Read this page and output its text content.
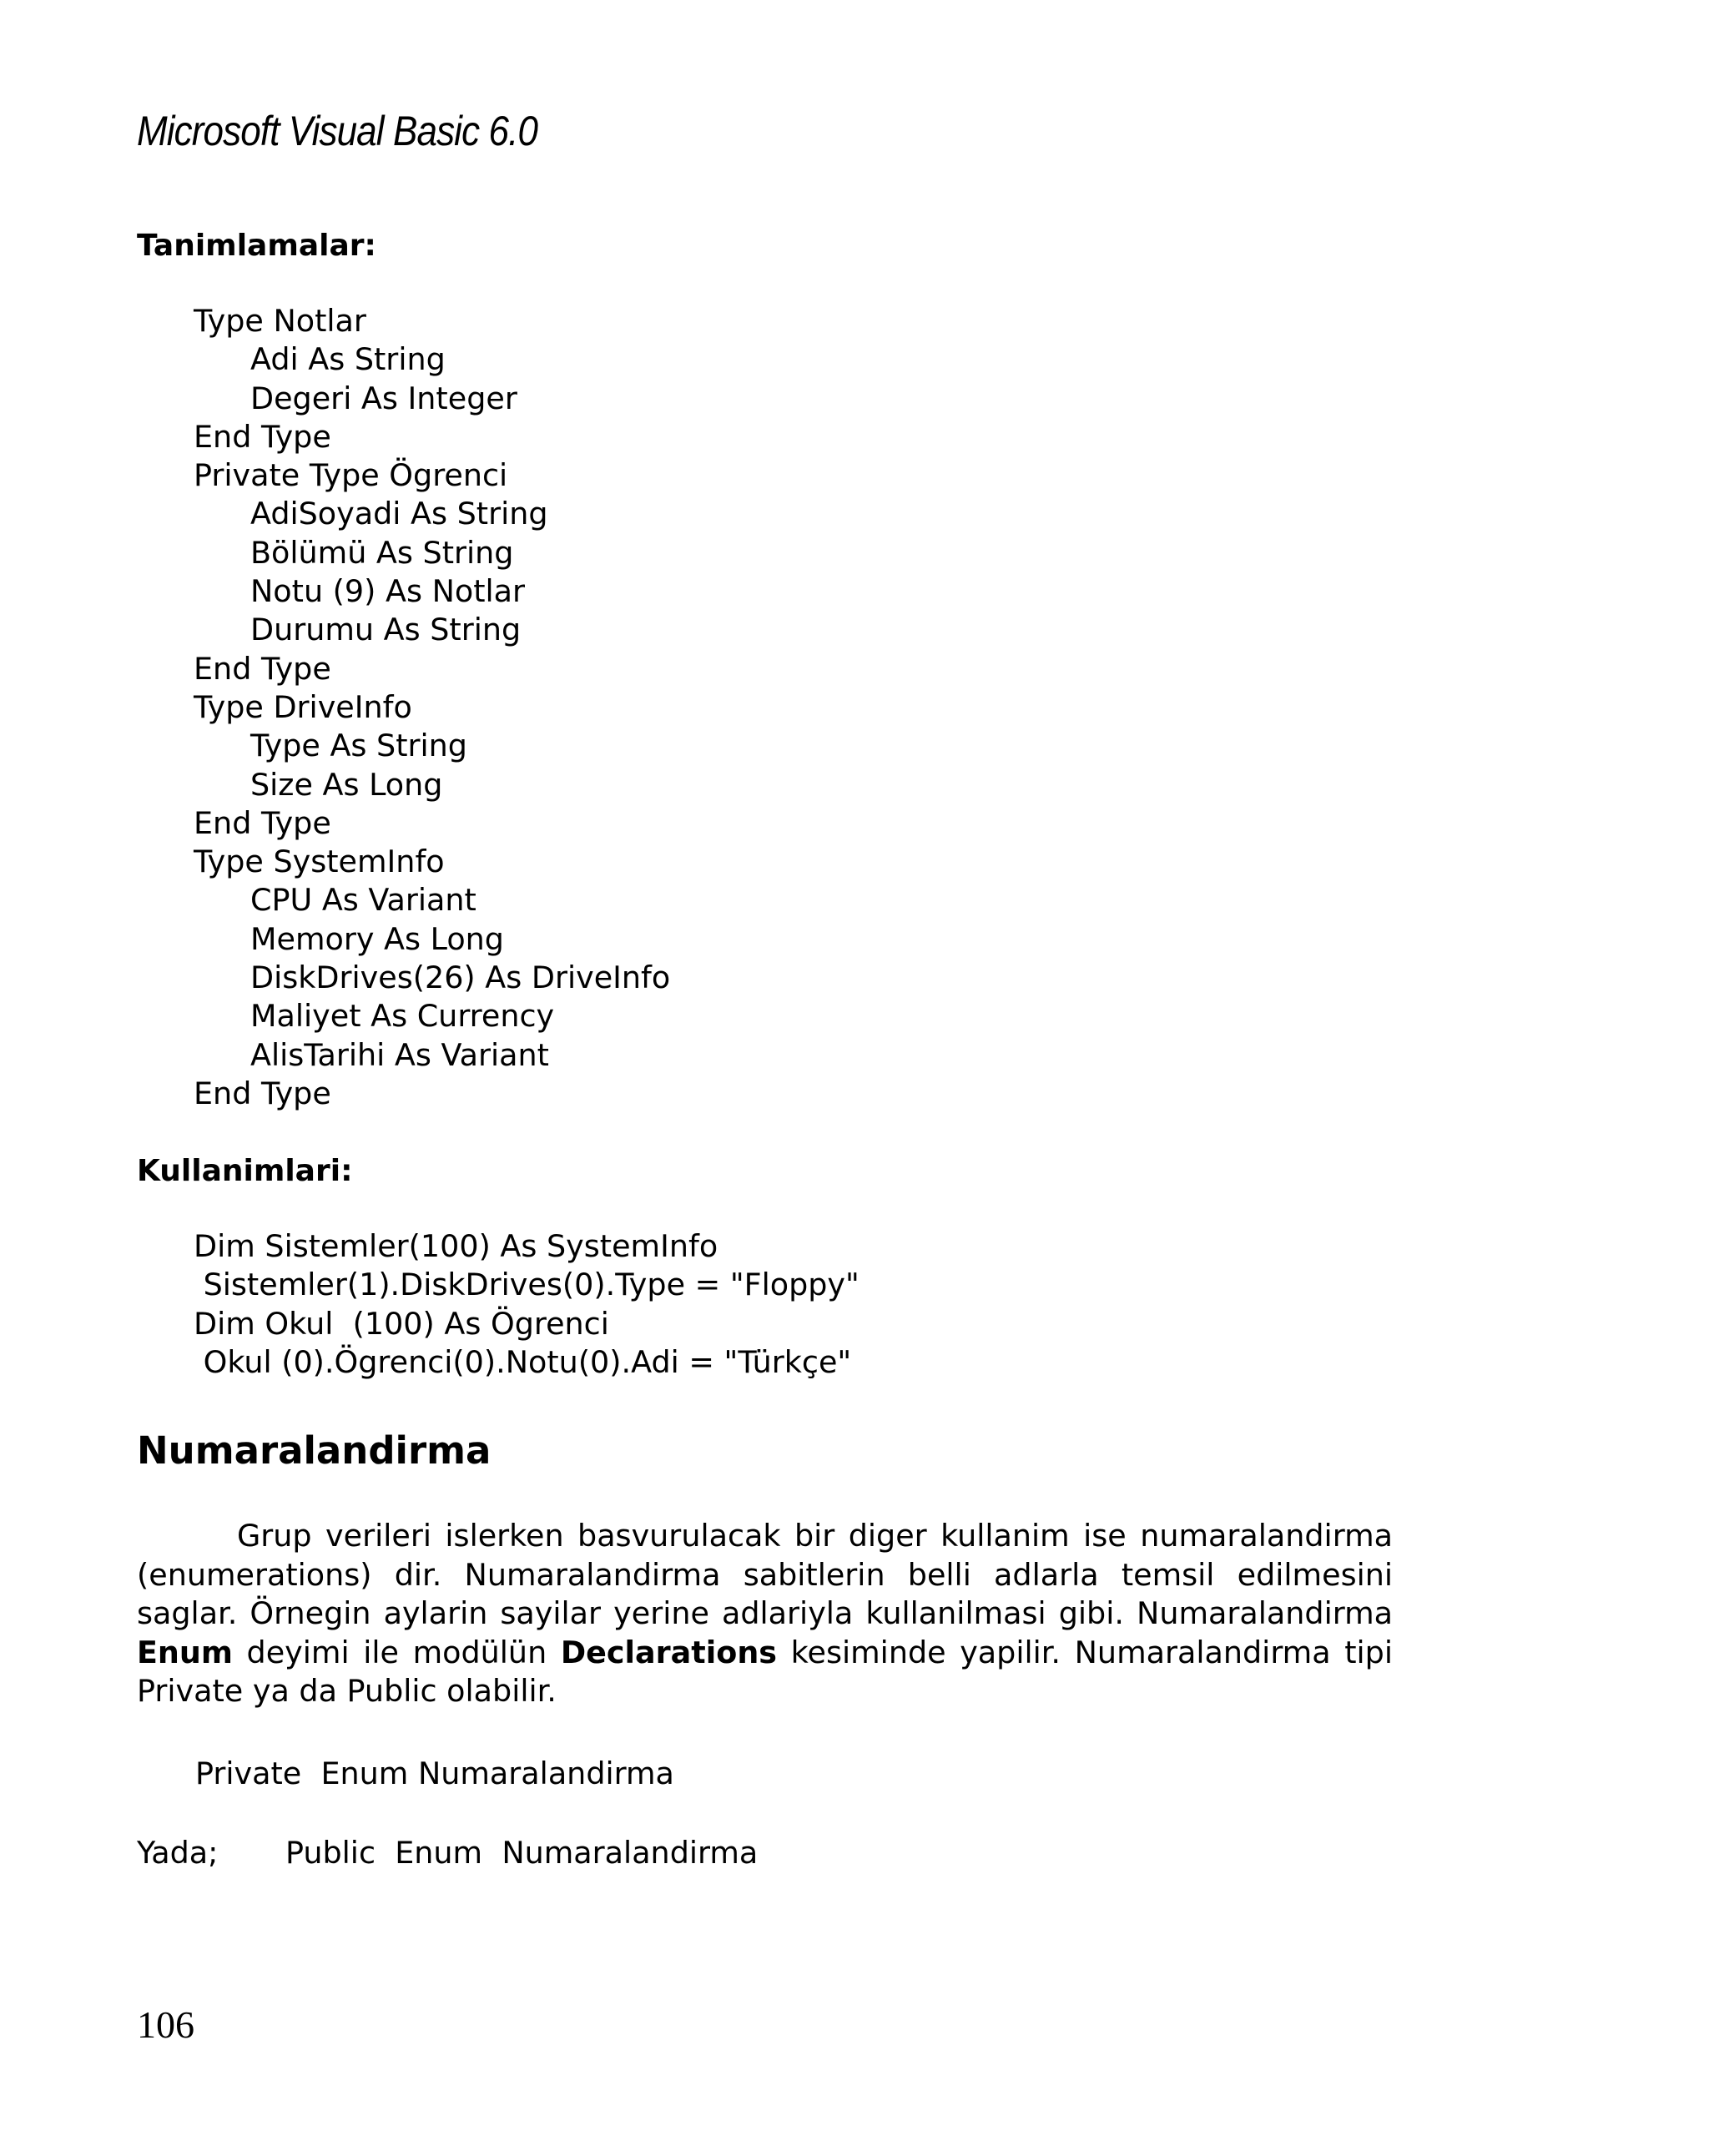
Microsoft Visual Basic 6.0
Tanimlamalar:
Type Notlar
Adi As String
Degeri As Integer
End Type
Private Type Ögrenci
AdiSoyadi As String
Bölümü As String
Notu (9) As Notlar
Durumu As String
End Type
Type DriveInfo
Type As String
Size As Long
End Type
Type SystemInfo
CPU As Variant
Memory As Long
DiskDrives(26) As DriveInfo
Maliyet As Currency
AlisTarihi As Variant
End Type
Kullanimlari:
Dim Sistemler(100) As SystemInfo
Sistemler(1).DiskDrives(0).Type = "Floppy"
Dim Okul  (100) As Ögrenci
Okul (0).Ögrenci(0).Notu(0).Adi = "Türkçe"
Numaralandirma
Grup verileri islerken basvurulacak bir diger kullanim ise numaralandirma (enumerations) dir. Numaralandirma sabitlerin belli adlarla temsil edilmesini saglar. Örnegin aylarin sayilar yerine adlariyla kullanilmasi gibi. Numaralandirma Enum deyimi ile modülün Declarations kesiminde yapilir. Numaralandirma tipi Private ya da Public olabilir.
Private  Enum Numaralandirma
Yada; Public  Enum  Numaralandirma
106
